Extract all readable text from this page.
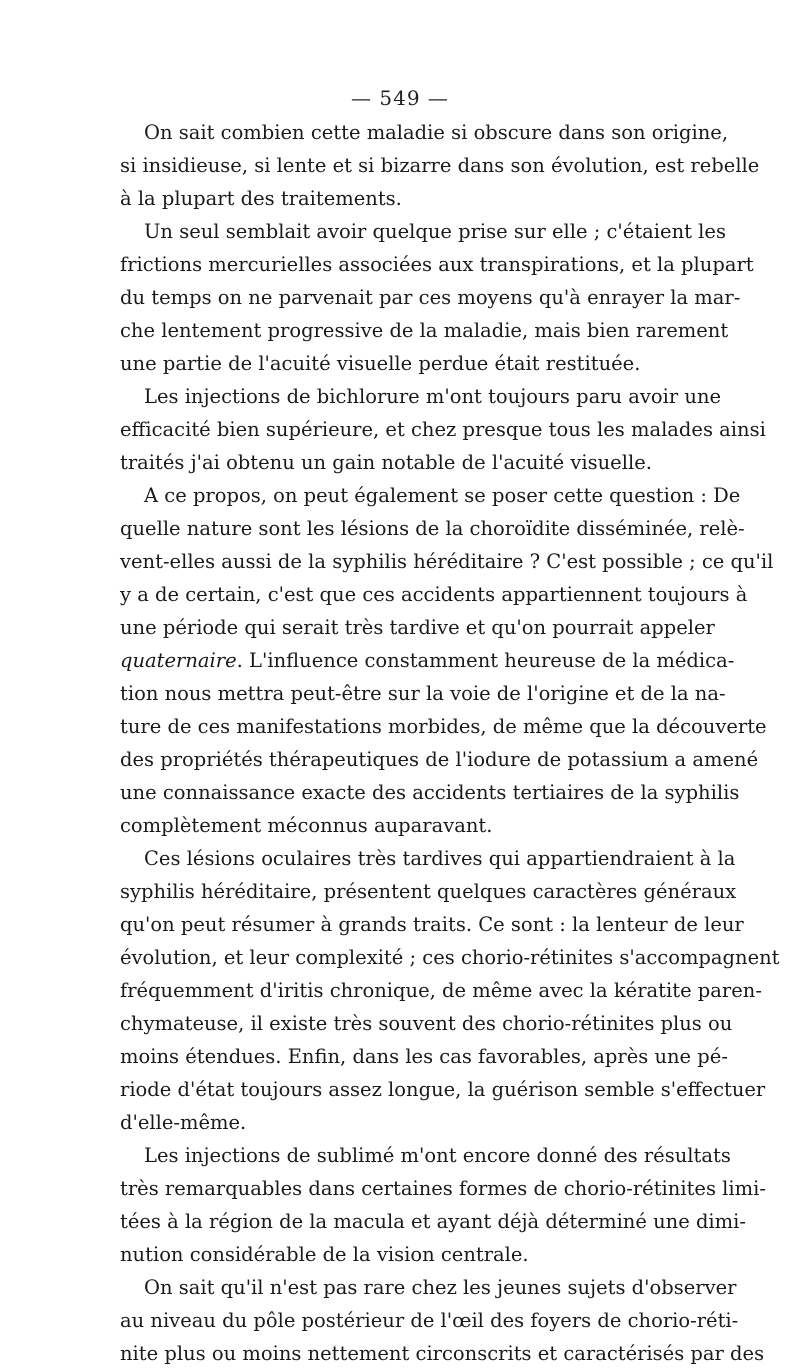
— 549 —
On sait combien cette maladie si obscure dans son origine,
si insidieuse, si lente et si bizarre dans son évolution, est rebelle
à la plupart des traitements.
Un seul semblait avoir quelque prise sur elle ; c'étaient les
frictions mercurielles associées aux transpirations, et la plupart
du temps on ne parvenait par ces moyens qu'à enrayer la mar-
che lentement progressive de la maladie, mais bien rarement
une partie de l'acuité visuelle perdue était restituée.
Les injections de bichlorure m'ont toujours paru avoir une
efficacité bien supérieure, et chez presque tous les malades ainsi
traités j'ai obtenu un gain notable de l'acuité visuelle.
A ce propos, on peut également se poser cette question : De
quelle nature sont les lésions de la choroïdite disséminée, relè-
vent-elles aussi de la syphilis héréditaire ? C'est possible ; ce qu'il
y a de certain, c'est que ces accidents appartiennent toujours à
une période qui serait très tardive et qu'on pourrait appeler
quaternaire. L'influence constamment heureuse de la médica-
tion nous mettra peut-être sur la voie de l'origine et de la na-
ture de ces manifestations morbides, de même que la découverte
des propriétés thérapeutiques de l'iodure de potassium a amené
une connaissance exacte des accidents tertiaires de la syphilis
complètement méconnus auparavant.
Ces lésions oculaires très tardives qui appartiendraient à la
syphilis héréditaire, présentent quelques caractères généraux
qu'on peut résumer à grands traits. Ce sont : la lenteur de leur
évolution, et leur complexité ; ces chorio-rétinites s'accompagnent
fréquemment d'iritis chronique, de même avec la kératite paren-
chymateuse, il existe très souvent des chorio-rétinites plus ou
moins étendues. Enfin, dans les cas favorables, après une pé-
riode d'état toujours assez longue, la guérison semble s'effectuer
d'elle-même.
Les injections de sublimé m'ont encore donné des résultats
très remarquables dans certaines formes de chorio-rétinites limi-
tées à la région de la macula et ayant déjà déterminé une dimi-
nution considérable de la vision centrale.
On sait qu'il n'est pas rare chez les jeunes sujets d'observer
au niveau du pôle postérieur de l'œil des foyers de chorio-réti-
nite plus ou moins nettement circonscrits et caractérisés par des
